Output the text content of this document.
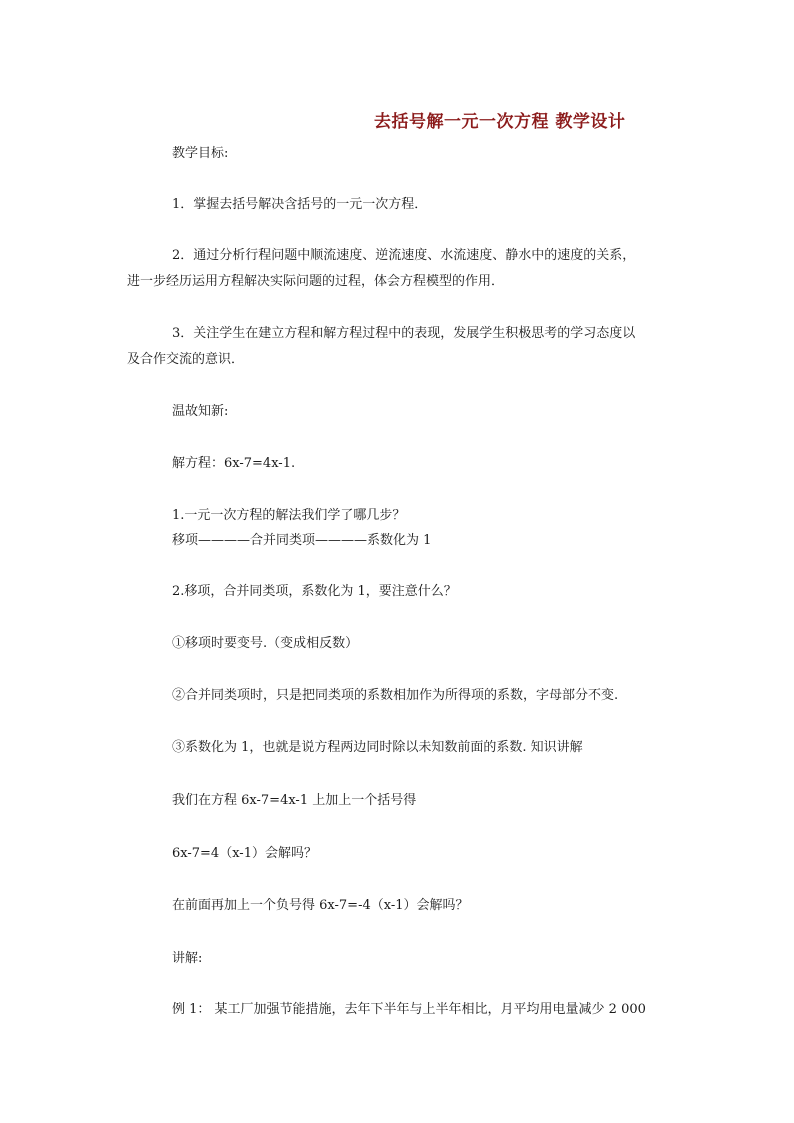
去括号解一元一次方程 教学设计
教学目标:
1．掌握去括号解决含括号的一元一次方程．
2．通过分析行程问题中顺流速度、逆流速度、水流速度、静水中的速度的关系，
进一步经历运用方程解决实际问题的过程，体会方程模型的作用．
3．关注学生在建立方程和解方程过程中的表现，发展学生积极思考的学习态度以
及合作交流的意识．
温故知新:
解方程：6x-7=4x-1.
1.一元一次方程的解法我们学了哪几步？
移项————合并同类项————系数化为 1
2.移项，合并同类项，系数化为 1，要注意什么？
①移项时要变号.（变成相反数）
②合并同类项时，只是把同类项的系数相加作为所得项的系数，字母部分不变.
③系数化为 1，也就是说方程两边同时除以未知数前面的系数. 知识讲解
我们在方程 6x-7=4x-1 上加上一个括号得
6x-7=4（x-1）会解吗？
在前面再加上一个负号得 6x-7=-4（x-1）会解吗？
讲解:
例 1： 某工厂加强节能措施，去年下半年与上半年相比，月平均用电量减少 2 000
